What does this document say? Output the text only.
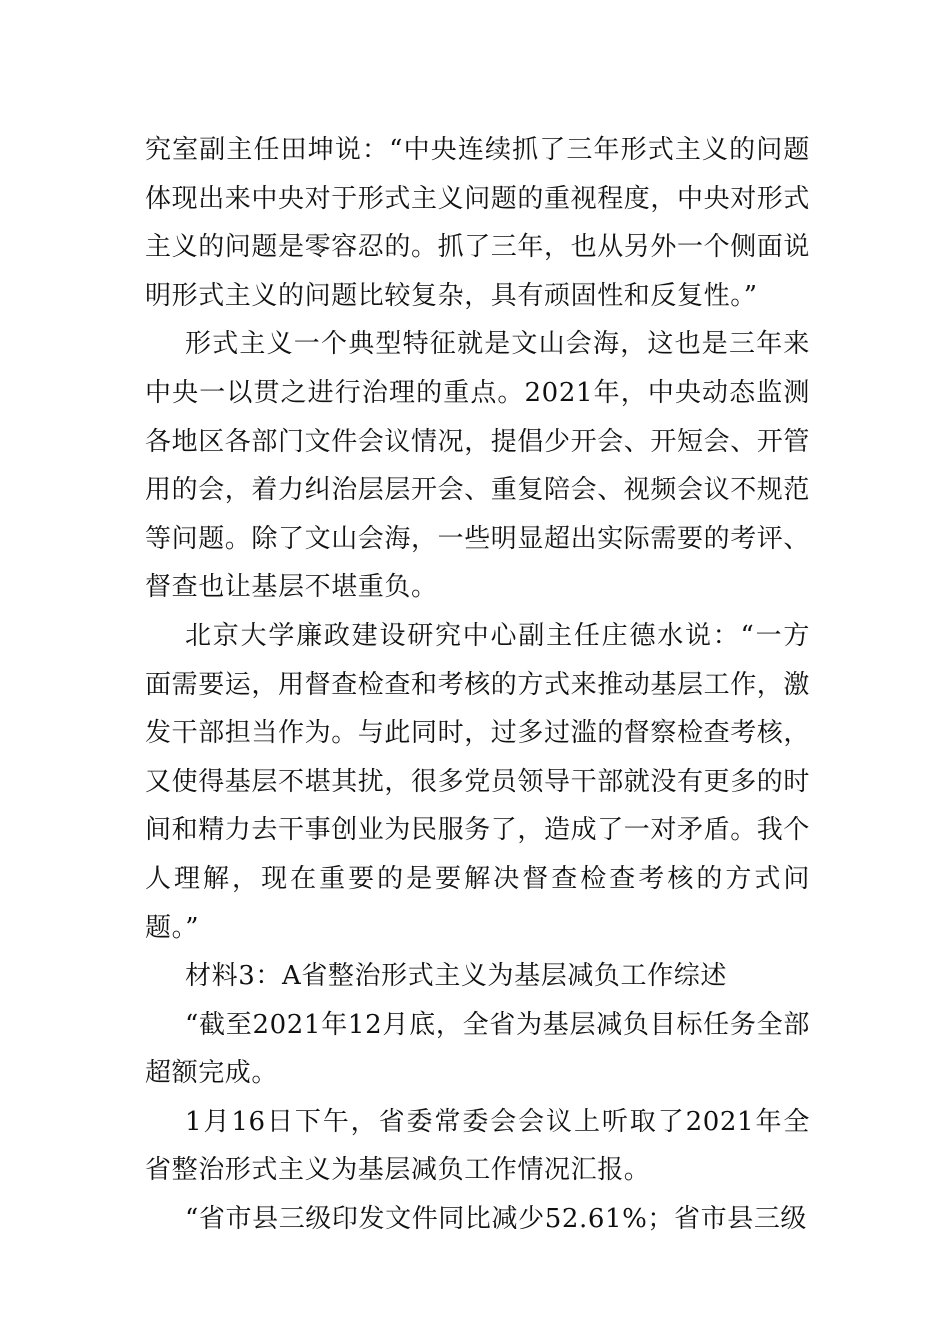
究室副主任田坤说：“中央连续抓了三年形式主义的问题体现出来中央对于形式主义问题的重视程度，中央对形式主义的问题是零容忍的。抓了三年，也从另外一个侧面说明形式主义的问题比较复杂，具有顽固性和反复性。”

形式主义一个典型特征就是文山会海，这也是三年来中央一以贯之进行治理的重点。2021年，中央动态监测各地区各部门文件会议情况，提倡少开会、开短会、开管用的会，着力纠治层层开会、重复陪会、视频会议不规范等问题。除了文山会海，一些明显超出实际需要的考评、督查也让基层不堪重负。

北京大学廉政建设研究中心副主任庄德水说：“一方面需要运，用督查检查和考核的方式来推动基层工作，激发干部担当作为。与此同时，过多过滥的督察检查考核，又使得基层不堪其扰，很多党员领导干部就没有更多的时间和精力去干事创业为民服务了，造成了一对矛盾。我个人理解，现在重要的是要解决督查检查考核的方式问题。”

材料3：A省整治形式主义为基层减负工作综述

“截至2021年12月底，全省为基层减负目标任务全部超额完成。

1月16日下午，省委常委会会议上听取了2021年全省整治形式主义为基层减负工作情况汇报。

“省市县三级印发文件同比减少52.61%；省市县三级
